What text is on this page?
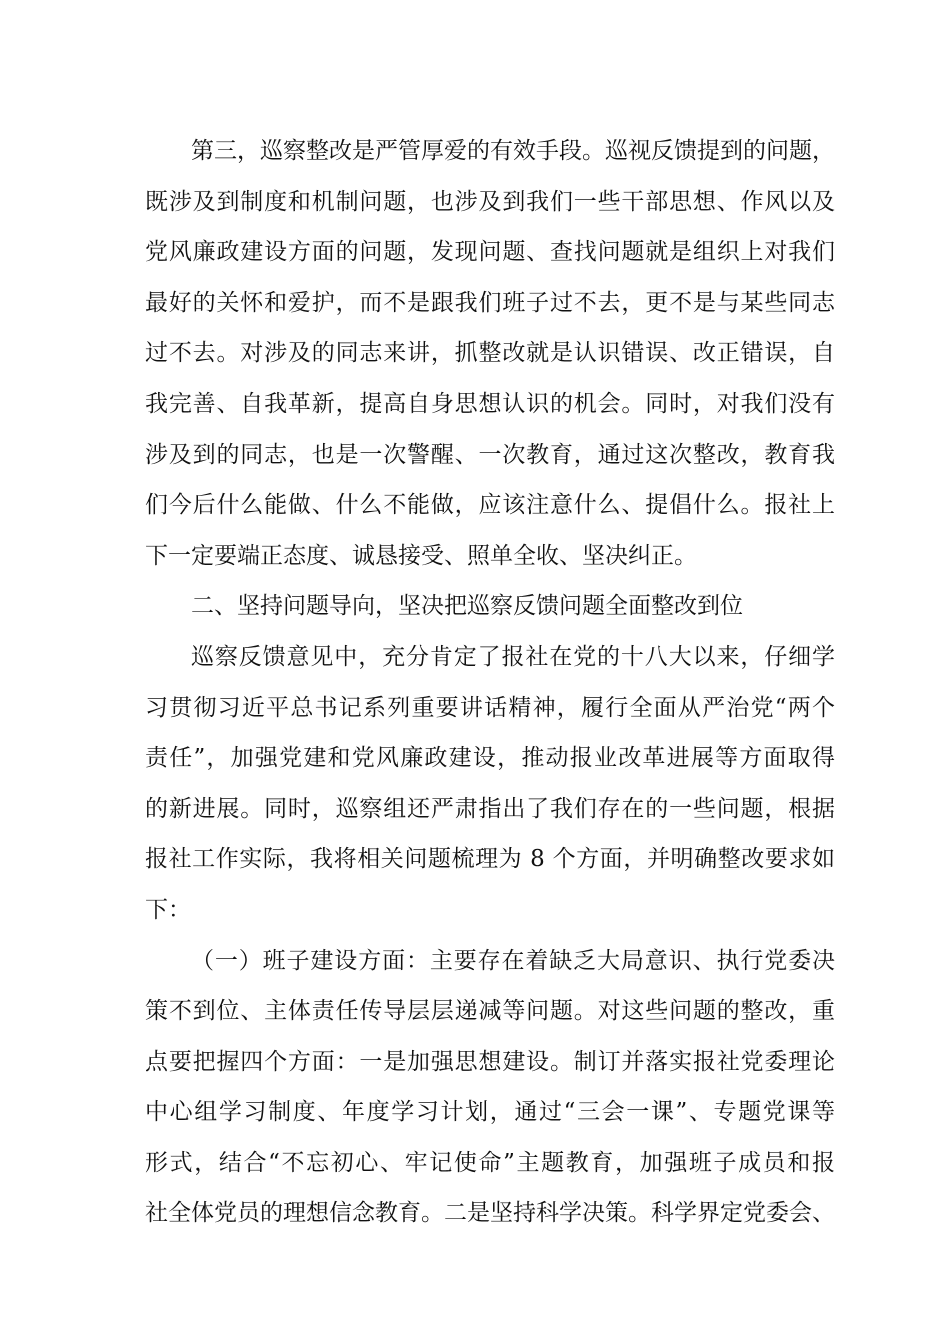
第三，巡察整改是严管厚爱的有效手段。巡视反馈提到的问题，
既涉及到制度和机制问题，也涉及到我们一些干部思想、作风以及
党风廉政建设方面的问题，发现问题、查找问题就是组织上对我们
最好的关怀和爱护，而不是跟我们班子过不去，更不是与某些同志
过不去。对涉及的同志来讲，抓整改就是认识错误、改正错误，自
我完善、自我革新，提高自身思想认识的机会。同时，对我们没有
涉及到的同志，也是一次警醒、一次教育，通过这次整改，教育我
们今后什么能做、什么不能做，应该注意什么、提倡什么。报社上
下一定要端正态度、诚恳接受、照单全收、坚决纠正。
二、坚持问题导向，坚决把巡察反馈问题全面整改到位
巡察反馈意见中，充分肯定了报社在党的十八大以来，仔细学
习贯彻习近平总书记系列重要讲话精神，履行全面从严治党“两个
责任”，加强党建和党风廉政建设，推动报业改革进展等方面取得
的新进展。同时，巡察组还严肃指出了我们存在的一些问题，根据
报社工作实际，我将相关问题梳理为 8 个方面，并明确整改要求如
下：
（一）班子建设方面：主要存在着缺乏大局意识、执行党委决
策不到位、主体责任传导层层递减等问题。对这些问题的整改，重
点要把握四个方面：一是加强思想建设。制订并落实报社党委理论
中心组学习制度、年度学习计划，通过“三会一课”、专题党课等
形式，结合“不忘初心、牢记使命”主题教育，加强班子成员和报
社全体党员的理想信念教育。二是坚持科学决策。科学界定党委会、
